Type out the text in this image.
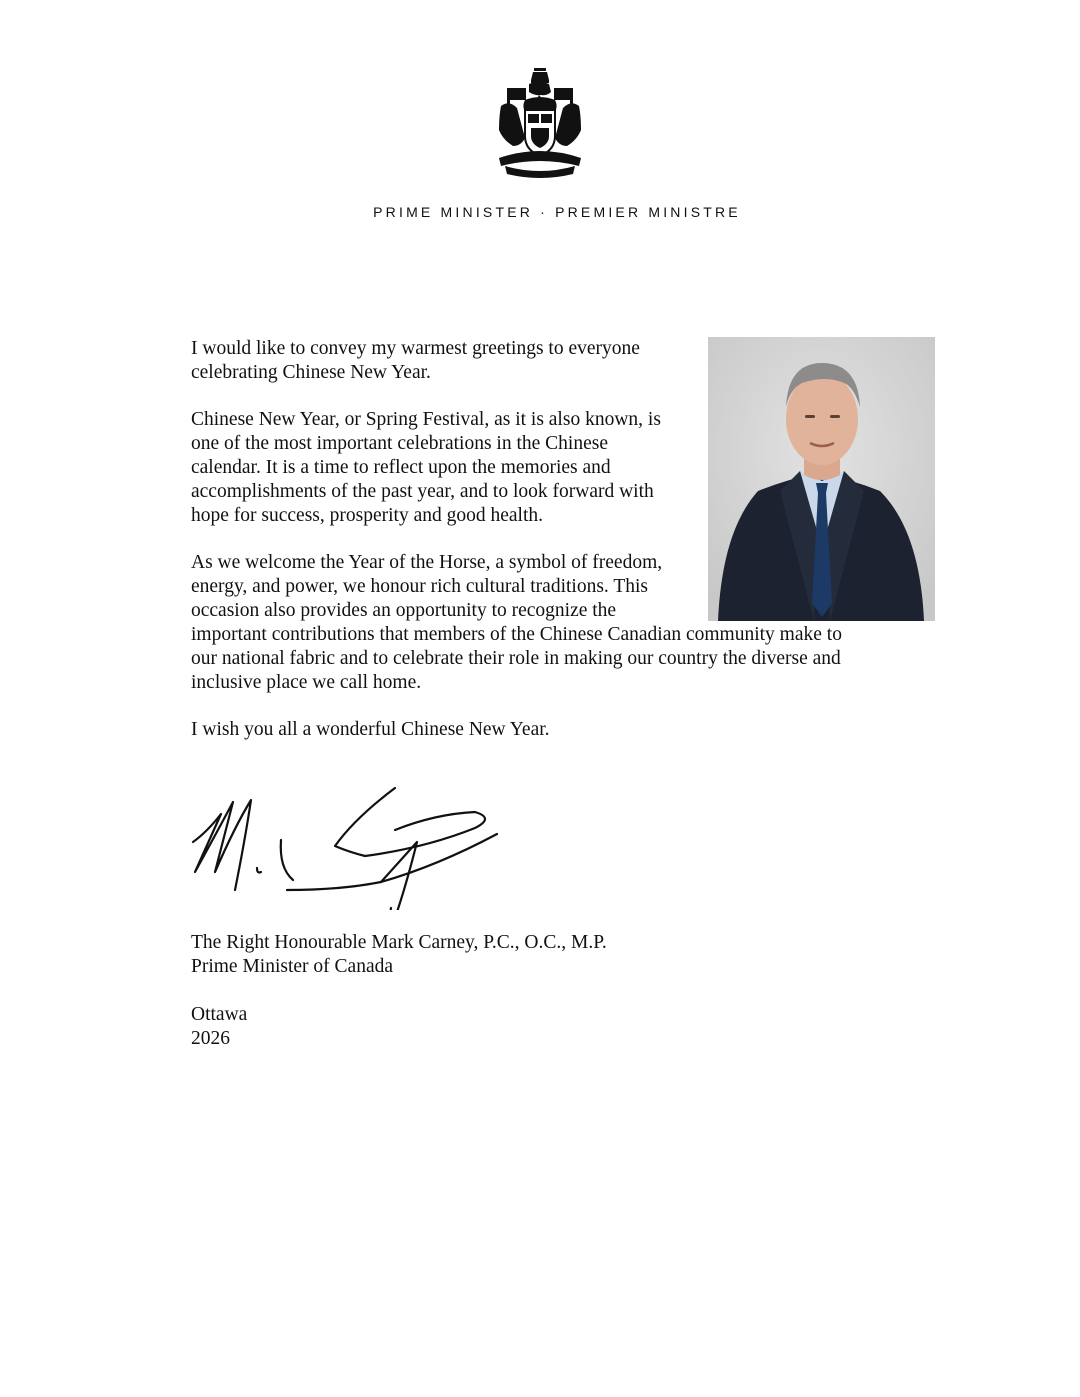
PRIME MINISTER · PREMIER MINISTRE

I would like to convey my warmest greetings to everyone
celebrating Chinese New Year.

Chinese New Year, or Spring Festival, as it is also known, is
one of the most important celebrations in the Chinese
calendar. It is a time to reflect upon the memories and
accomplishments of the past year, and to look forward with
hope for success, prosperity and good health.

As we welcome the Year of the Horse, a symbol of freedom,
energy, and power, we honour rich cultural traditions. This
occasion also provides an opportunity to recognize the
important contributions that members of the Chinese Canadian community make to
our national fabric and to celebrate their role in making our country the diverse and
inclusive place we call home.

I wish you all a wonderful Chinese New Year.

The Right Honourable Mark Carney, P.C., O.C., M.P.
Prime Minister of Canada
Ottawa
2026
